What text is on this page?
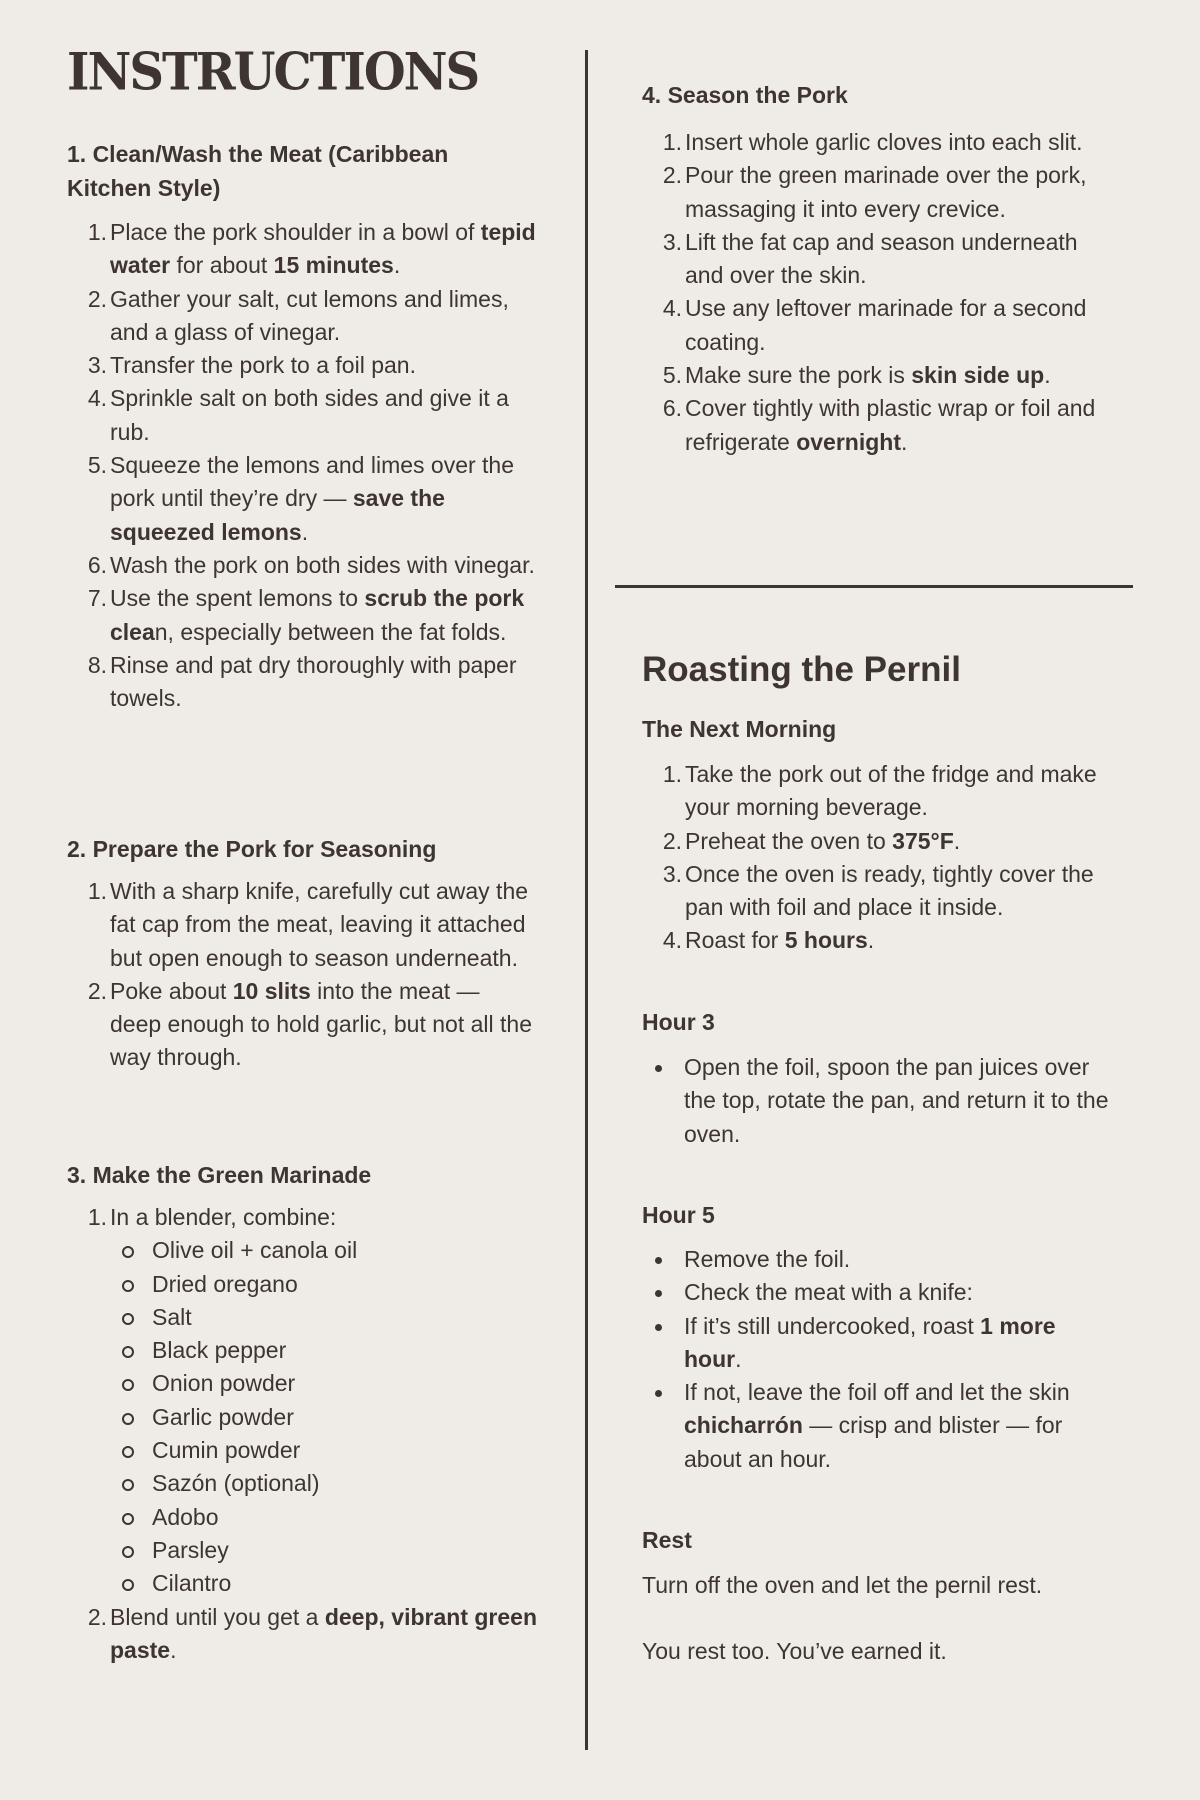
INSTRUCTIONS
1. Clean/Wash the Meat (Caribbean Kitchen Style)
Place the pork shoulder in a bowl of tepid water for about 15 minutes.
Gather your salt, cut lemons and limes, and a glass of vinegar.
Transfer the pork to a foil pan.
Sprinkle salt on both sides and give it a rub.
Squeeze the lemons and limes over the pork until they’re dry — save the squeezed lemons.
Wash the pork on both sides with vinegar.
Use the spent lemons to scrub the pork clean, especially between the fat folds.
Rinse and pat dry thoroughly with paper towels.
2. Prepare the Pork for Seasoning
With a sharp knife, carefully cut away the fat cap from the meat, leaving it attached but open enough to season underneath.
Poke about 10 slits into the meat — deep enough to hold garlic, but not all the way through.
3. Make the Green Marinade
In a blender, combine:
Olive oil + canola oil
Dried oregano
Salt
Black pepper
Onion powder
Garlic powder
Cumin powder
Sazón (optional)
Adobo
Parsley
Cilantro
Blend until you get a deep, vibrant green paste.
4. Season the Pork
Insert whole garlic cloves into each slit.
Pour the green marinade over the pork, massaging it into every crevice.
Lift the fat cap and season underneath and over the skin.
Use any leftover marinade for a second coating.
Make sure the pork is skin side up.
Cover tightly with plastic wrap or foil and refrigerate overnight.
Roasting the Pernil
The Next Morning
Take the pork out of the fridge and make your morning beverage.
Preheat the oven to 375°F.
Once the oven is ready, tightly cover the pan with foil and place it inside.
Roast for 5 hours.
Hour 3
Open the foil, spoon the pan juices over the top, rotate the pan, and return it to the oven.
Hour 5
Remove the foil.
Check the meat with a knife:
If it’s still undercooked, roast 1 more hour.
If not, leave the foil off and let the skin chicharrón — crisp and blister — for about an hour.
Rest

Turn off the oven and let the pernil rest.

You rest too. You’ve earned it.
